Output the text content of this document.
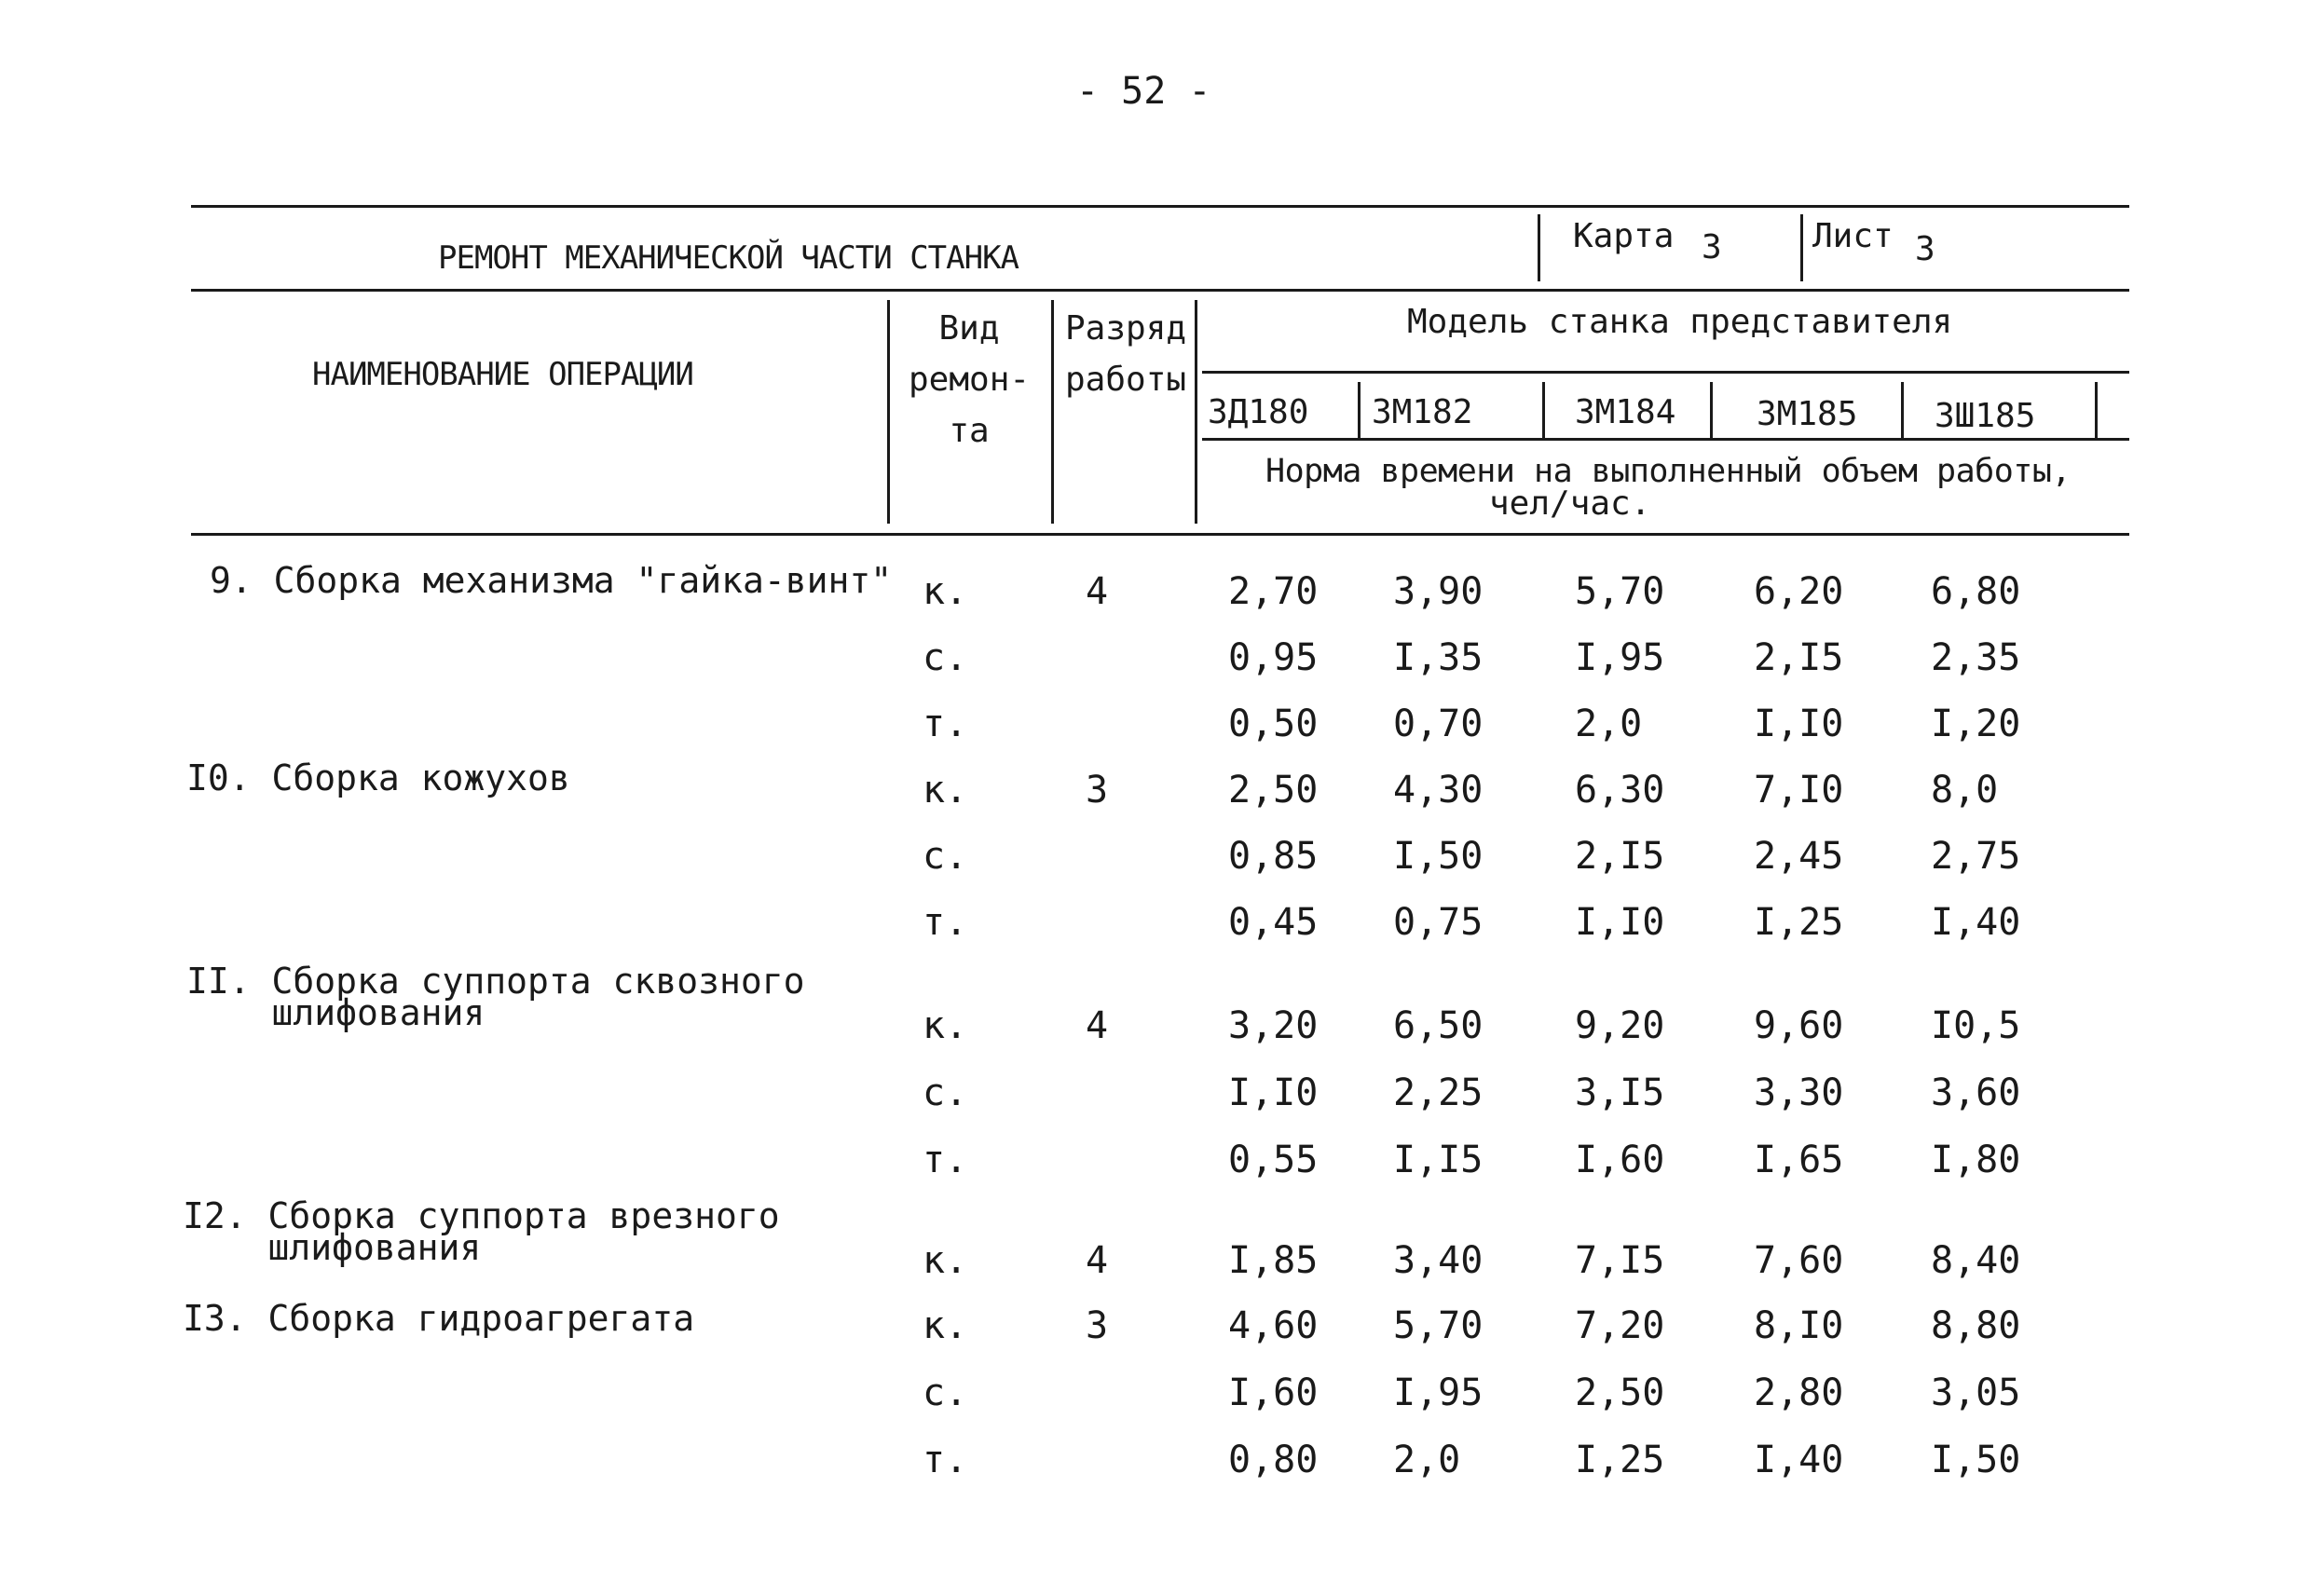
- 52 -
РЕМОНТ МЕХАНИЧЕСКОЙ ЧАСТИ СТАНКА
Карта 3	Лист 3
НАИМЕНОВАНИЕ ОПЕРАЦИИ
Вид
ремон-
та
Разряд
работы
Модель станка представителя
3Д180 3М182	3М184 3М185 3Ш185
Норма времени на выполненный объем работы,
чел/час.
9. Сборка механизма "гайка-винт" к.	4	2,70 3,90 5,70 6,20 6,80
с.	0,95 I,35 I,95 2,I5 2,35
т.	0,50 0,70 2,0	I,I0 I,20
I0. Сборка кожухов	к.	3	2,50 4,30 6,30 7,I0 8,0
с.	0,85 I,50 2,I5 2,45 2,75
т.	0,45 0,75 I,I0 I,25 I,40
II. Сборка суппорта сквозного
шлифования	к.	4	3,20 6,50 9,20 9,60 I0,5
с.	I,I0 2,25 3,I5 3,30 3,60
т.	0,55 I,I5 I,60 I,65 I,80
I2. Сборка суппорта врезного
шлифования	к.	4	I,85 3,40 7,I5 7,60 8,40
I3. Сборка гидроагрегата	к.	3	4,60 5,70 7,20 8,I0 8,80
с.	I,60 I,95 2,50 2,80 3,05
т.	0,80 2,0	I,25 I,40 I,50
